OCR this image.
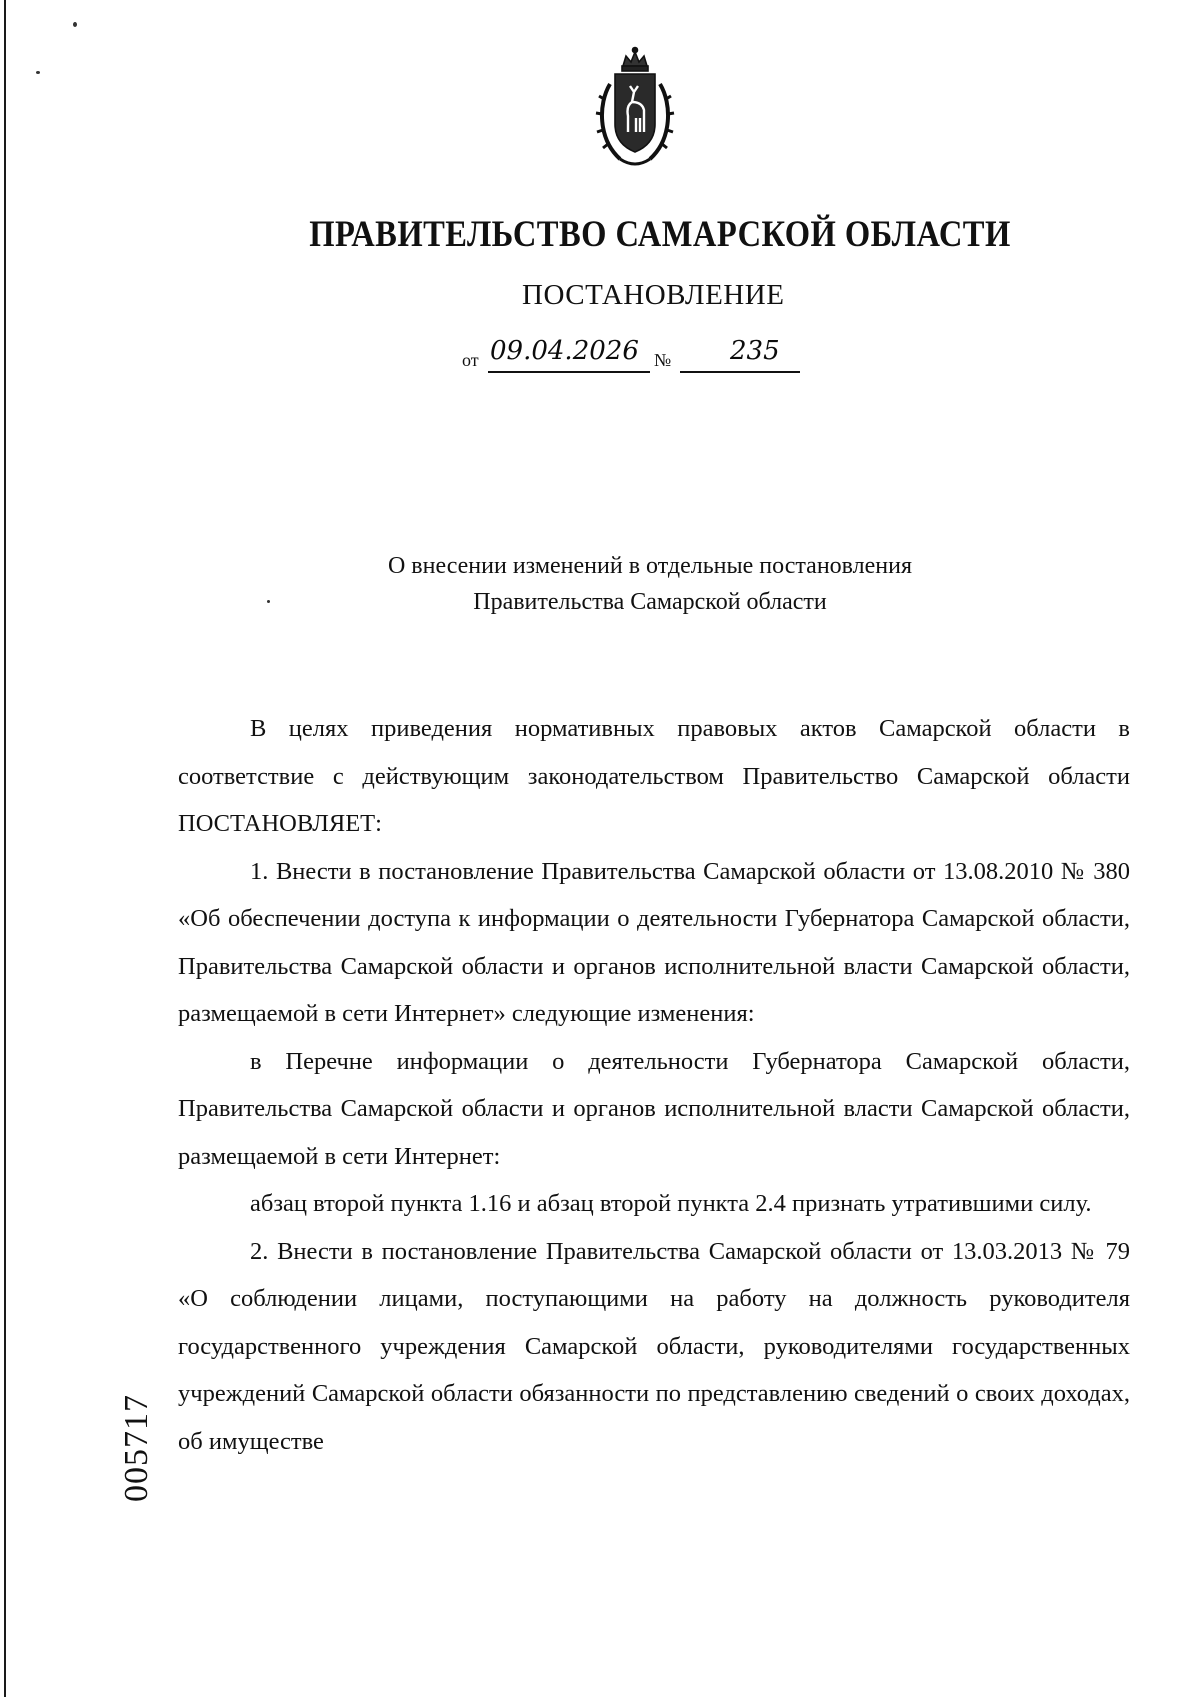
ПРАВИТЕЛЬСТВО САМАРСКОЙ ОБЛАСТИ
ПОСТАНОВЛЕНИЕ
от 09.04.2026 № 235
О внесении изменений в отдельные постановления
Правительства Самарской области

В целях приведения нормативных правовых актов Самарской области в соответствие с действующим законодательством Правительство Самарской области ПОСТАНОВЛЯЕТ:

1. Внести в постановление Правительства Самарской области от 13.08.2010 № 380 «Об обеспечении доступа к информации о деятельности Губернатора Самарской области, Правительства Самарской области и органов исполнительной власти Самарской области, размещаемой в сети Интернет» следующие изменения:

в Перечне информации о деятельности Губернатора Самарской области, Правительства Самарской области и органов исполнительной власти Самарской области, размещаемой в сети Интернет:

абзац второй пункта 1.16 и абзац второй пункта 2.4 признать утратившими силу.

2. Внести в постановление Правительства Самарской области от 13.03.2013 № 79 «О соблюдении лицами, поступающими на работу на должность руководителя государственного учреждения Самарской области, руководителями государственных учреждений Самарской области обязанности по представлению сведений о своих доходах, об имуществе

005717
